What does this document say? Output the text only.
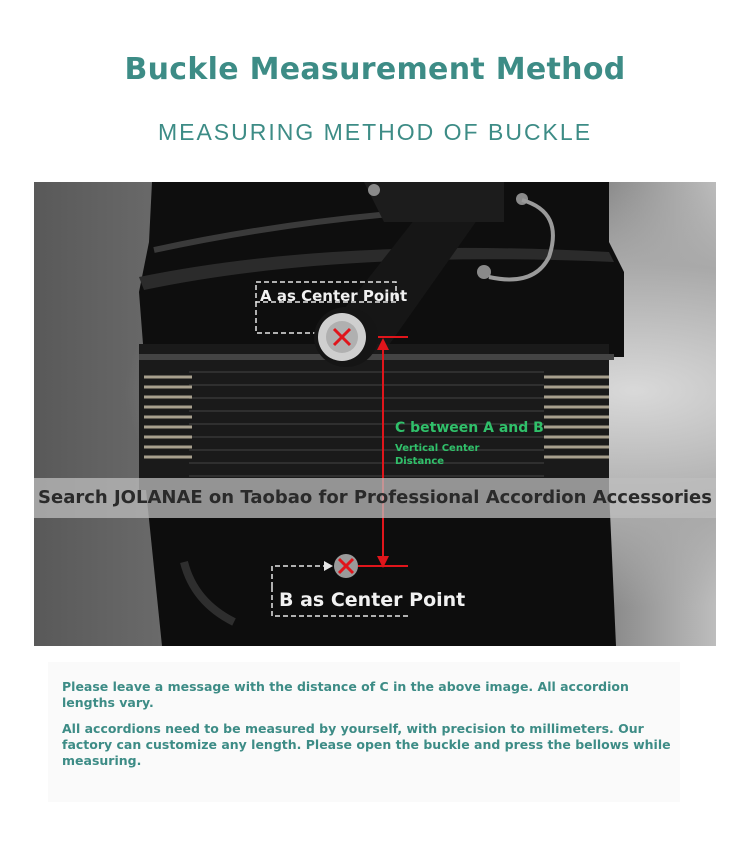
Buckle Measurement Method
MEASURING METHOD OF BUCKLE
A as Center Point
C between A and B
Vertical Center Distance
Search JOLANAE on Taobao for Professional Accordion Accessories
B as Center Point
Please leave a message with the distance of C in the above image. All accordion lengths vary.
All accordions need to be measured by yourself, with precision to millimeters. Our factory can customize any length. Please open the buckle and press the bellows while measuring.
